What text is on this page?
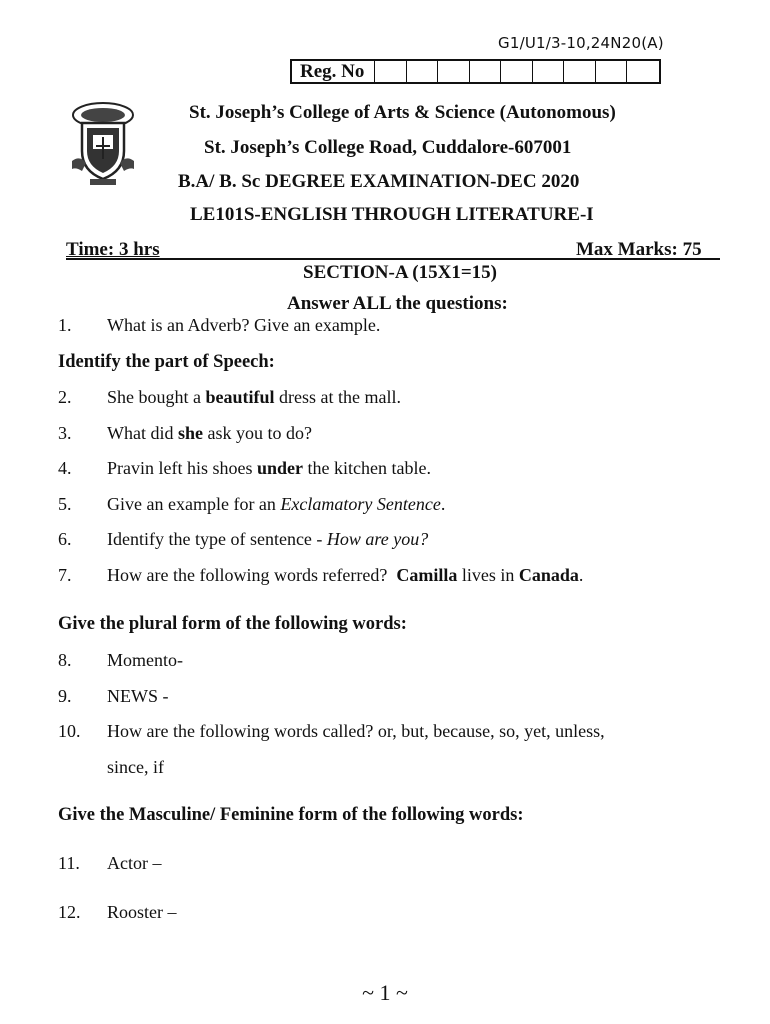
G1/U1/3-10,24N20(A)
Reg. No
St. Joseph’s College of Arts & Science (Autonomous)
St. Joseph’s College Road, Cuddalore-607001
B.A/ B. Sc DEGREE EXAMINATION-DEC 2020
LE101S-ENGLISH THROUGH LITERATURE-I
Time: 3 hrs	Max Marks: 75
SECTION-A (15X1=15)
Answer ALL the questions:
1. What is an Adverb? Give an example.
Identify the part of Speech:
2. She bought a beautiful dress at the mall.
3. What did she ask you to do?
4. Pravin left his shoes under the kitchen table.
5. Give an example for an Exclamatory Sentence.
6. Identify the type of sentence - How are you?
7. How are the following words referred?  Camilla lives in Canada.
Give the plural form of the following words:
8. Momento-
9. NEWS -
10. How are the following words called? or, but, because, so, yet, unless,
since, if
Give the Masculine/ Feminine form of the following words:
11. Actor –
12. Rooster –
~ 1 ~
